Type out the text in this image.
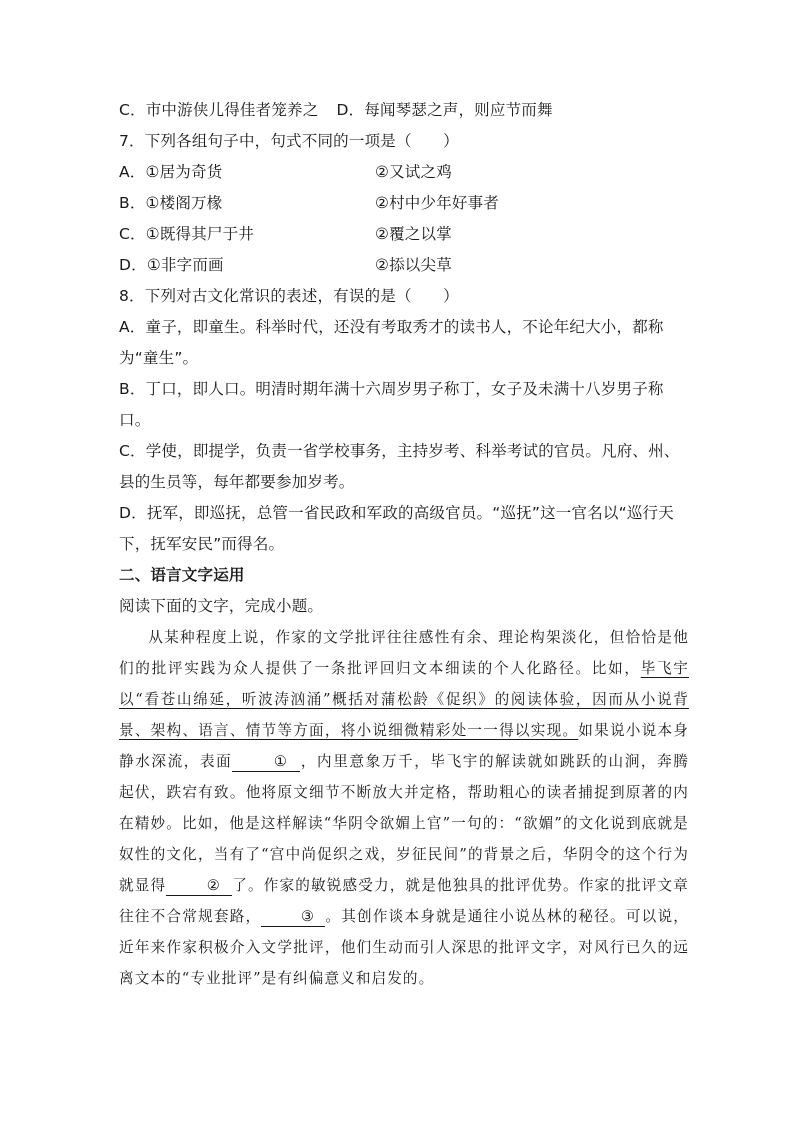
C．市中游侠儿得佳者笼养之 D．每闻琴瑟之声，则应节而舞
7．下列各组句子中，句式不同的一项是（　　）
A．①居为奇货	②又试之鸡
B．①楼阁万椽	②村中少年好事者
C．①既得其尸于井	②覆之以掌
D．①非字而画	②掭以尖草
8．下列对古文化常识的表述，有误的是（　　）
A．童子，即童生。科举时代，还没有考取秀才的读书人，不论年纪大小，都称为“童生”。
B．丁口，即人口。明清时期年满十六周岁男子称丁，女子及未满十八岁男子称口。
C．学使，即提学，负责一省学校事务，主持岁考、科举考试的官员。凡府、州、县的生员等，每年都要参加岁考。
D．抚军，即巡抚，总管一省民政和军政的高级官员。“巡抚”这一官名以“巡行天下，抚军安民”而得名。
二、语言文字运用
阅读下面的文字，完成小题。

从某种程度上说，作家的文学批评往往感性有余、理论构架淡化，但恰恰是他们的批评实践为众人提供了一条批评回归文本细读的个人化路径。比如，毕飞宇以“看苍山绵延，听波涛汹涌”概括对蒲松龄《促织》的阅读体验，因而从小说背景、架构、语言、情节等方面，将小说细微精彩处一一得以实现。如果说小说本身静水深流，表面	① ，内里意象万千，毕飞宇的解读就如跳跃的山涧，奔腾起伏，跌宕有致。他将原文细节不断放大并定格，帮助粗心的读者捕捉到原著的内在精妙。比如，他是这样解读“华阴令欲媚上官”一句的：“欲媚”的文化说到底就是奴性的文化，当有了“宫中尚促织之戏，岁征民间”的背景之后，华阴令的这个行为就显得	② 了。作家的敏锐感受力，就是他独具的批评优势。作家的批评文章往往不合常规套路，	③ 。其创作谈本身就是通往小说丛林的秘径。可以说，近年来作家积极介入文学批评，他们生动而引人深思的批评文字，对风行已久的远离文本的“专业批评”是有纠偏意义和启发的。
